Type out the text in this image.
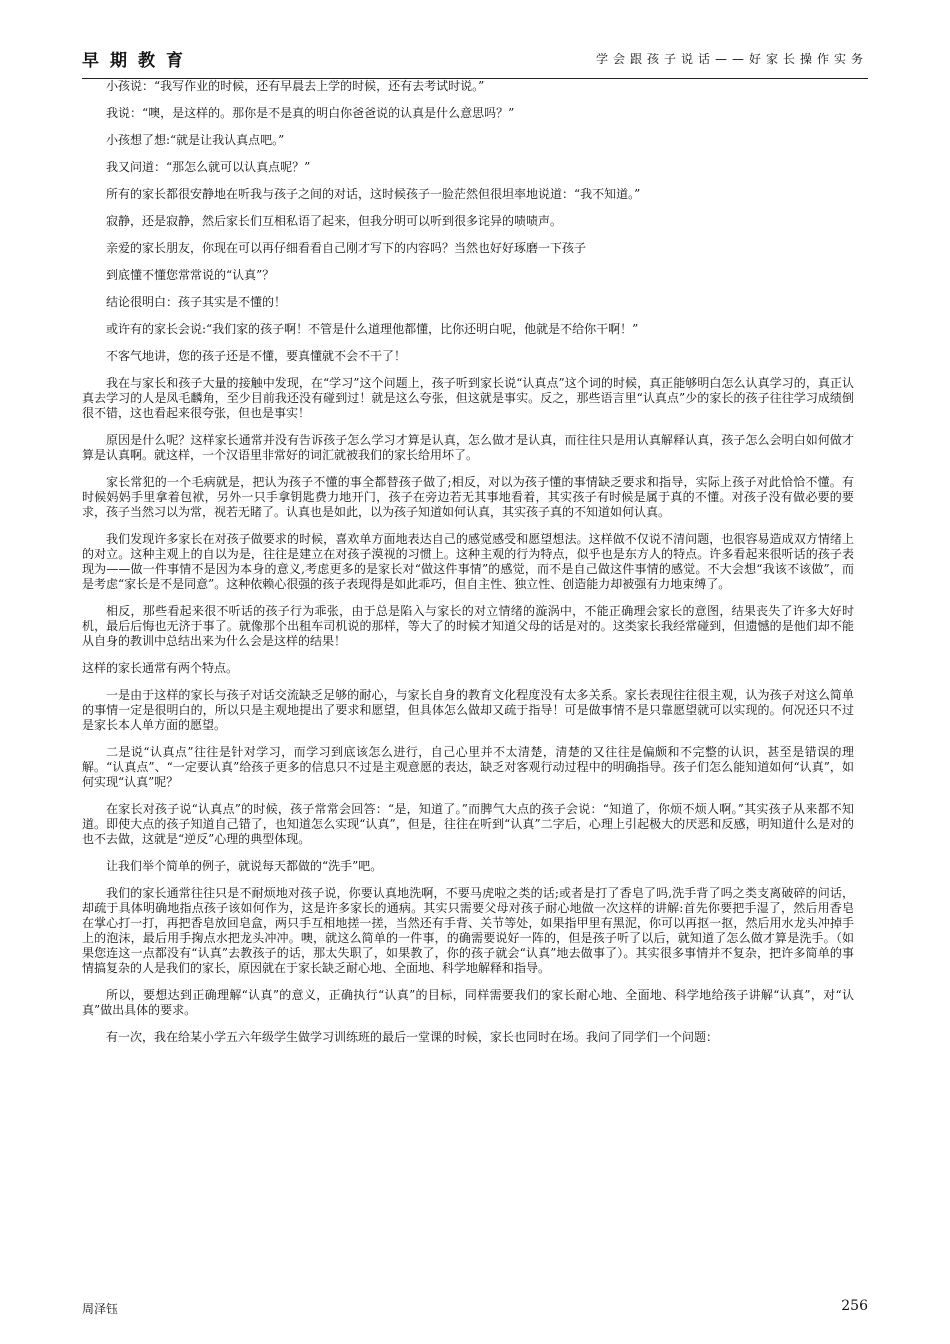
早期教育	学会跟孩子说话——好家长操作实务

小孩说：“我写作业的时候，还有早晨去上学的时候，还有去考试时说。”

我说：“噢，是这样的。那你是不是真的明白你爸爸说的认真是什么意思吗？”

小孩想了想:“就是让我认真点吧。”

我又问道：“那怎么就可以认真点呢？”

所有的家长都很安静地在听我与孩子之间的对话，这时候孩子一脸茫然但很坦率地说道：“我不知道。”

寂静，还是寂静，然后家长们互相私语了起来，但我分明可以听到很多诧异的啧啧声。

亲爱的家长朋友，你现在可以再仔细看看自己刚才写下的内容吗？当然也好好琢磨一下孩子

到底懂不懂您常常说的“认真”？

结论很明白：孩子其实是不懂的！

或许有的家长会说:“我们家的孩子啊！不管是什么道理他都懂，比你还明白呢，他就是不给你干啊！”

不客气地讲，您的孩子还是不懂，要真懂就不会不干了！

我在与家长和孩子大量的接触中发现，在“学习”这个问题上，孩子听到家长说“认真点”这个词的时候，真正能够明白怎么认真学习的，真正认真去学习的人是凤毛麟角，至少目前我还没有碰到过！就是这么夸张，但这就是事实。反之，那些语言里“认真点”少的家长的孩子往往学习成绩倒很不错，这也看起来很夸张，但也是事实！

原因是什么呢？这样家长通常并没有告诉孩子怎么学习才算是认真，怎么做才是认真，而往往只是用认真解释认真，孩子怎么会明白如何做才算是认真啊。就这样，一个汉语里非常好的词汇就被我们的家长给用坏了。

家长常犯的一个毛病就是，把认为孩子不懂的事全都替孩子做了;相反，对以为孩子懂的事情缺乏要求和指导，实际上孩子对此恰恰不懂。有时候妈妈手里拿着包袱，另外一只手拿钥匙费力地开门，孩子在旁边若无其事地看着，其实孩子有时候是属于真的不懂。对孩子没有做必要的要求，孩子当然习以为常，视若无睹了。认真也是如此，以为孩子知道如何认真，其实孩子真的不知道如何认真。

我们发现许多家长在对孩子做要求的时候，喜欢单方面地表达自己的感觉感受和愿望想法。这样做不仅说不清问题，也很容易造成双方情绪上的对立。这种主观上的自以为是，往往是建立在对孩子漠视的习惯上。这种主观的行为特点，似乎也是东方人的特点。许多看起来很听话的孩子表现为——做一件事情不是因为本身的意义,考虑更多的是家长对“做这件事情”的感觉，而不是自己做这件事情的感觉。不大会想“我该不该做”，而是考虑“家长是不是同意”。这种依赖心很强的孩子表现得是如此乖巧，但自主性、独立性、创造能力却被强有力地束缚了。

相反，那些看起来很不听话的孩子行为乖张，由于总是陷入与家长的对立情绪的漩涡中，不能正确理会家长的意图，结果丧失了许多大好时机，最后后悔也无济于事了。就像那个出租车司机说的那样，等大了的时候才知道父母的话是对的。这类家长我经常碰到，但遗憾的是他们却不能从自身的教训中总结出来为什么会是这样的结果！

这样的家长通常有两个特点。

一是由于这样的家长与孩子对话交流缺乏足够的耐心，与家长自身的教育文化程度没有太多关系。家长表现往往很主观，认为孩子对这么简单的事情一定是很明白的，所以只是主观地提出了要求和愿望，但具体怎么做却又疏于指导！可是做事情不是只靠愿望就可以实现的。何况还只不过是家长本人单方面的愿望。

二是说“认真点”往往是针对学习，而学习到底该怎么进行，自己心里并不太清楚，清楚的又往往是偏颇和不完整的认识，甚至是错误的理解。“认真点”、“一定要认真”给孩子更多的信息只不过是主观意愿的表达，缺乏对客观行动过程中的明确指导。孩子们怎么能知道如何“认真”，如何实现“认真”呢？

在家长对孩子说“认真点”的时候，孩子常常会回答：“是，知道了。”而脾气大点的孩子会说：“知道了，你烦不烦人啊。”其实孩子从来都不知道。即使大点的孩子知道自己错了，也知道怎么实现“认真”，但是，往往在听到“认真”二字后，心理上引起极大的厌恶和反感，明知道什么是对的也不去做，这就是“逆反”心理的典型体现。

让我们举个简单的例子，就说每天都做的“洗手”吧。

我们的家长通常往往只是不耐烦地对孩子说，你要认真地洗啊，不要马虎啦之类的话;或者是打了香皂了吗,洗手背了吗之类支离破碎的问话，却疏于具体明确地指点孩子该如何作为，这是许多家长的通病。其实只需要父母对孩子耐心地做一次这样的讲解:首先你要把手湿了，然后用香皂在掌心打一打，再把香皂放回皂盒，两只手互相地搓一搓，当然还有手背、关节等处，如果指甲里有黑泥，你可以再抠一抠，然后用水龙头冲掉手上的泡沫，最后用手掬点水把龙头冲冲。噢，就这么简单的一件事，的确需要说好一阵的，但是孩子听了以后，就知道了怎么做才算是洗手。（如果您连这一点都没有“认真”去教孩子的话，那太失职了，如果教了，你的孩子就会“认真”地去做事了）。其实很多事情并不复杂，把许多简单的事情搞复杂的人是我们的家长，原因就在于家长缺乏耐心地、全面地、科学地解释和指导。

所以，要想达到正确理解“认真”的意义，正确执行“认真”的目标，同样需要我们的家长耐心地、全面地、科学地给孩子讲解“认真”，对“认真”做出具体的要求。

有一次，我在给某小学五六年级学生做学习训练班的最后一堂课的时候，家长也同时在场。我问了同学们一个问题：

周泽钰	256
